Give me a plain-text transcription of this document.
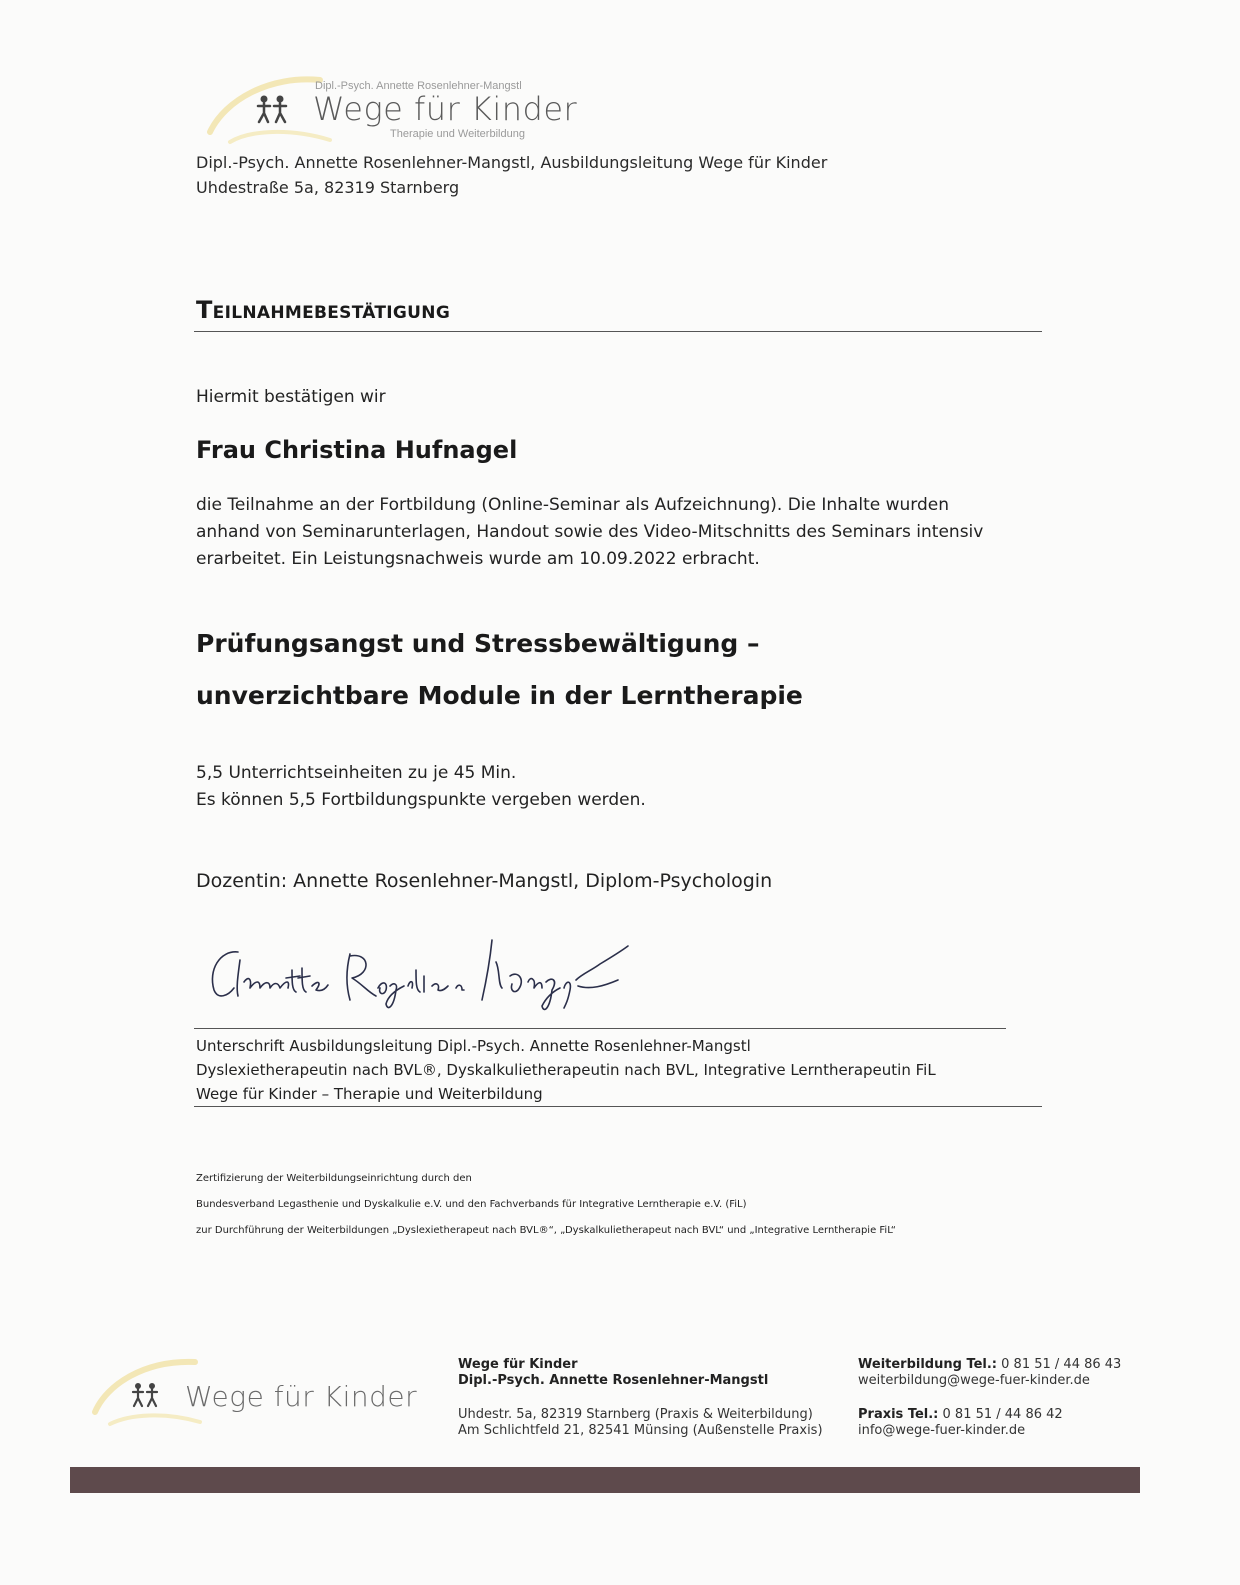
Dipl.-Psych. Annette Rosenlehner-Mangstl
Wege für Kinder
Therapie und Weiterbildung
Dipl.-Psych. Annette Rosenlehner-Mangstl, Ausbildungsleitung Wege für Kinder
Uhdestraße 5a, 82319 Starnberg
Teilnahmebestätigung
Hiermit bestätigen wir
Frau Christina Hufnagel
die Teilnahme an der Fortbildung (Online-Seminar als Aufzeichnung). Die Inhalte wurden
anhand von Seminarunterlagen, Handout sowie des Video-Mitschnitts des Seminars intensiv
erarbeitet. Ein Leistungsnachweis wurde am 10.09.2022 erbracht.
Prüfungsangst und Stressbewältigung –
unverzichtbare Module in der Lerntherapie
5,5 Unterrichtseinheiten zu je 45 Min.
Es können 5,5 Fortbildungspunkte vergeben werden.
Dozentin: Annette Rosenlehner-Mangstl, Diplom-Psychologin
Unterschrift Ausbildungsleitung Dipl.-Psych. Annette Rosenlehner-Mangstl
Dyslexietherapeutin nach BVL®, Dyskalkulietherapeutin nach BVL, Integrative Lerntherapeutin FiL
Wege für Kinder – Therapie und Weiterbildung
Zertifizierung der Weiterbildungseinrichtung durch den
Bundesverband Legasthenie und Dyskalkulie e.V. und den Fachverbands für Integrative Lerntherapie e.V. (FiL)
zur Durchführung der Weiterbildungen „Dyslexietherapeut nach BVL®“, „Dyskalkulietherapeut nach BVL“ und „Integrative Lerntherapie FiL“
Wege für Kinder
Wege für Kinder
Dipl.-Psych. Annette Rosenlehner-Mangstl
Uhdestr. 5a, 82319 Starnberg (Praxis & Weiterbildung)
Am Schlichtfeld 21, 82541 Münsing (Außenstelle Praxis)
Weiterbildung Tel.: 0 81 51 / 44 86 43
weiterbildung@wege-fuer-kinder.de
Praxis Tel.: 0 81 51 / 44 86 42
info@wege-fuer-kinder.de
